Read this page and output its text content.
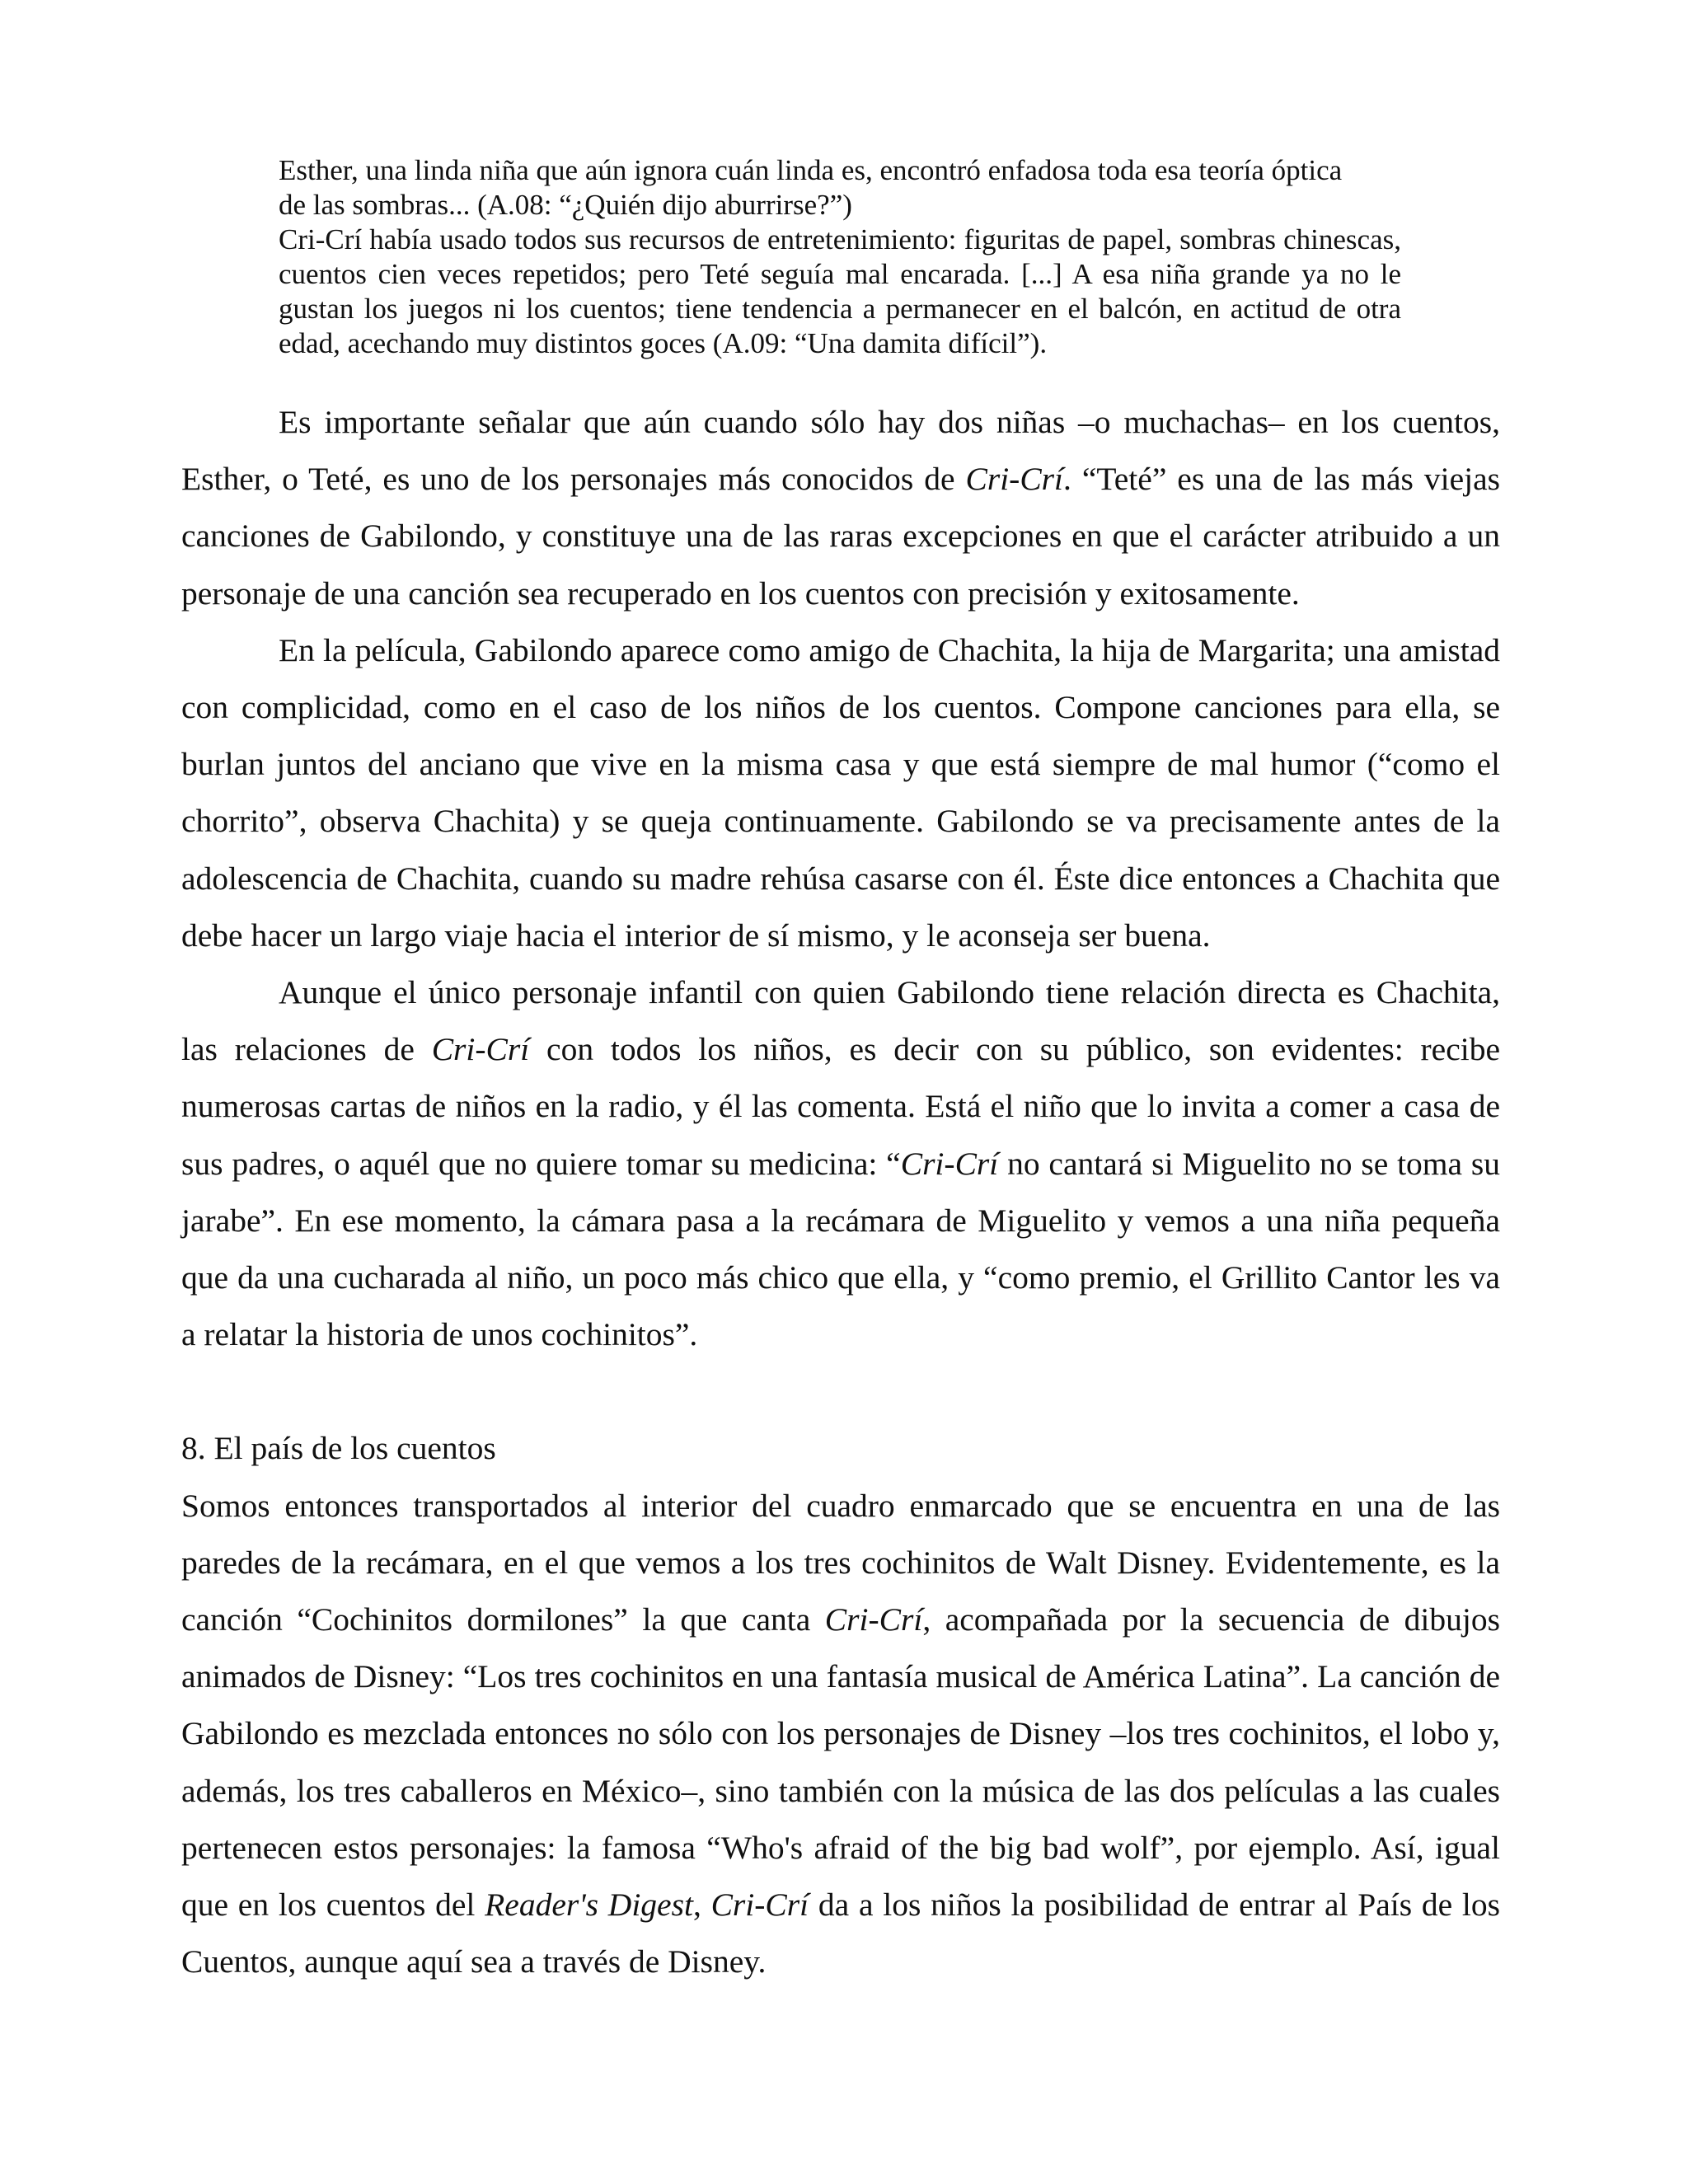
Esther, una linda niña que aún ignora cuán linda es, encontró enfadosa toda esa teoría óptica
de las sombras... (A.08: “¿Quién dijo aburrirse?”)

Cri-Crí había usado todos sus recursos de entretenimiento: figuritas de papel, sombras chinescas, cuentos cien veces repetidos; pero Teté seguía mal encarada. [...] A esa niña grande ya no le gustan los juegos ni los cuentos; tiene tendencia a permanecer en el balcón, en actitud de otra edad, acechando muy distintos goces (A.09: “Una damita difícil”).

Es importante señalar que aún cuando sólo hay dos niñas –o muchachas– en los cuentos, Esther, o Teté, es uno de los personajes más conocidos de Cri-Crí. “Teté” es una de las más viejas canciones de Gabilondo, y constituye una de las raras excepciones en que el carácter atribuido a un personaje de una canción sea recuperado en los cuentos con precisión y exitosamente.

En la película, Gabilondo aparece como amigo de Chachita, la hija de Margarita; una amistad con complicidad, como en el caso de los niños de los cuentos. Compone canciones para ella, se burlan juntos del anciano que vive en la misma casa y que está siempre de mal humor (“como el chorrito”, observa Chachita) y se queja continuamente. Gabilondo se va precisamente antes de la adolescencia de Chachita, cuando su madre rehúsa casarse con él. Éste dice entonces a Chachita que debe hacer un largo viaje hacia el interior de sí mismo, y le aconseja ser buena.

Aunque el único personaje infantil con quien Gabilondo tiene relación directa es Chachita, las relaciones de Cri-Crí con todos los niños, es decir con su público, son evidentes: recibe numerosas cartas de niños en la radio, y él las comenta. Está el niño que lo invita a comer a casa de sus padres, o aquél que no quiere tomar su medicina: “Cri-Crí no cantará si Miguelito no se toma su jarabe”. En ese momento, la cámara pasa a la recámara de Miguelito y vemos a una niña pequeña que da una cucharada al niño, un poco más chico que ella, y “como premio, el Grillito Cantor les va a relatar la historia de unos cochinitos”.

8. El país de los cuentos

Somos entonces transportados al interior del cuadro enmarcado que se encuentra en una de las paredes de la recámara, en el que vemos a los tres cochinitos de Walt Disney. Evidentemente, es la canción “Cochinitos dormilones” la que canta Cri-Crí, acompañada por la secuencia de dibujos animados de Disney: “Los tres cochinitos en una fantasía musical de América Latina”. La canción de Gabilondo es mezclada entonces no sólo con los personajes de Disney –los tres cochinitos, el lobo y, además, los tres caballeros en México–, sino también con la música de las dos películas a las cuales pertenecen estos personajes: la famosa “Who's afraid of the big bad wolf”, por ejemplo. Así, igual que en los cuentos del Reader's Digest, Cri-Crí da a los niños la posibilidad de entrar al País de los Cuentos, aunque aquí sea a través de Disney.
